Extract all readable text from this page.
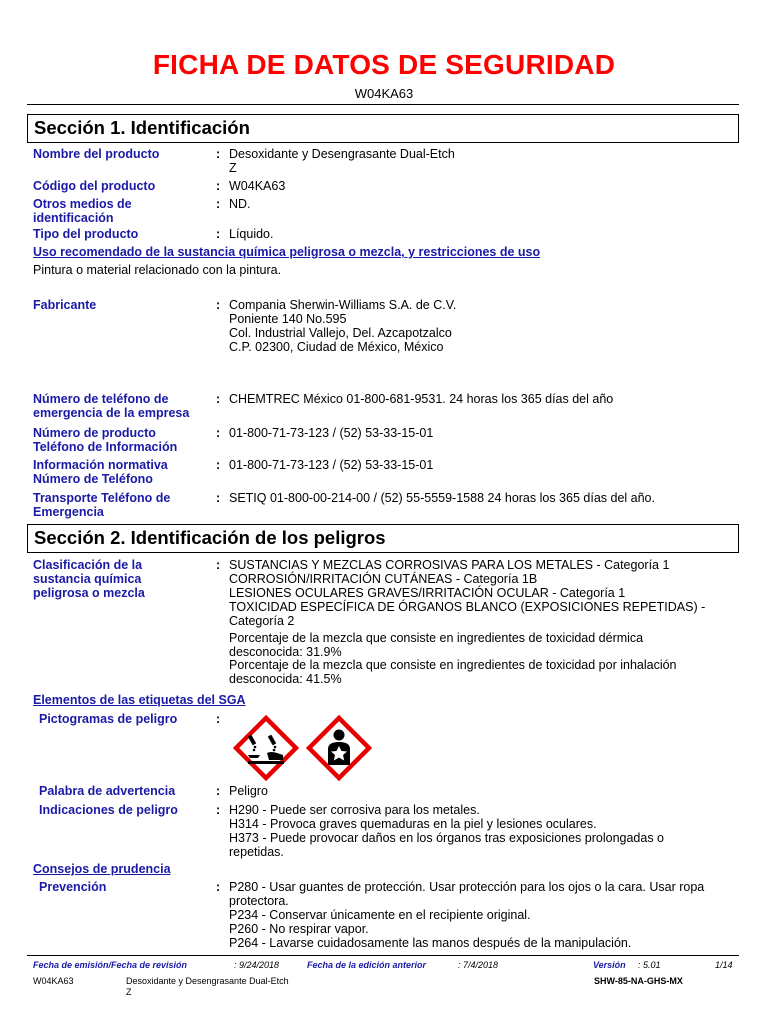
FICHA DE DATOS DE SEGURIDAD
W04KA63
Sección 1. Identificación
Nombre del producto	: Desoxidante y Desengrasante Dual-Etch
Z
Código del producto	: W04KA63
Otros medios de
identificación
: ND.
Tipo del producto	: Líquido.
Uso recomendado de la sustancia química peligrosa o mezcla, y restricciones de uso
Pintura o material relacionado con la pintura.
Fabricante	: Compania Sherwin-Williams S.A. de C.V.
Poniente 140 No.595
Col. Industrial Vallejo, Del. Azcapotzalco
C.P. 02300, Ciudad de México, México
Número de teléfono de
emergencia de la empresa
: CHEMTREC México 01-800-681-9531. 24 horas los 365 días del año
Número de producto
Teléfono de Información
: 01-800-71-73-123 / (52) 53-33-15-01
Información normativa
Número de Teléfono
: 01-800-71-73-123 / (52) 53-33-15-01
Transporte Teléfono de
Emergencia
: SETIQ 01-800-00-214-00 / (52) 55-5559-1588 24 horas los 365 días del año.
Sección 2. Identificación de los peligros
Clasificación de la
sustancia química
peligrosa o mezcla
: SUSTANCIAS Y MEZCLAS CORROSIVAS PARA LOS METALES - Categoría 1
CORROSIÓN/IRRITACIÓN CUTÁNEAS - Categoría 1B
LESIONES OCULARES GRAVES/IRRITACIÓN OCULAR - Categoría 1
TOXICIDAD ESPECÍFICA DE ÓRGANOS BLANCO (EXPOSICIONES REPETIDAS) -
Categoría 2
Porcentaje de la mezcla que consiste en ingredientes de toxicidad dérmica
desconocida: 31.9%
Porcentaje de la mezcla que consiste en ingredientes de toxicidad por inhalación
desconocida: 41.5%
Elementos de las etiquetas del SGA
Pictogramas de peligro	:
Palabra de advertencia	: Peligro
Indicaciones de peligro	: H290 - Puede ser corrosiva para los metales.
H314 - Provoca graves quemaduras en la piel y lesiones oculares.
H373 - Puede provocar daños en los órganos tras exposiciones prolongadas o
repetidas.
Consejos de prudencia
Prevención	: P280 - Usar guantes de protección. Usar protección para los ojos o la cara. Usar ropa
protectora.
P234 - Conservar únicamente en el recipiente original.
P260 - No respirar vapor.
P264 - Lavarse cuidadosamente las manos después de la manipulación.
Fecha de emisión/Fecha de revisión	: 9/24/2018	Fecha de la edición anterior	: 7/4/2018	Versión : 5.01	1/14
W04KA63	Desoxidante y Desengrasante Dual-Etch
Z
SHW-85-NA-GHS-MX
